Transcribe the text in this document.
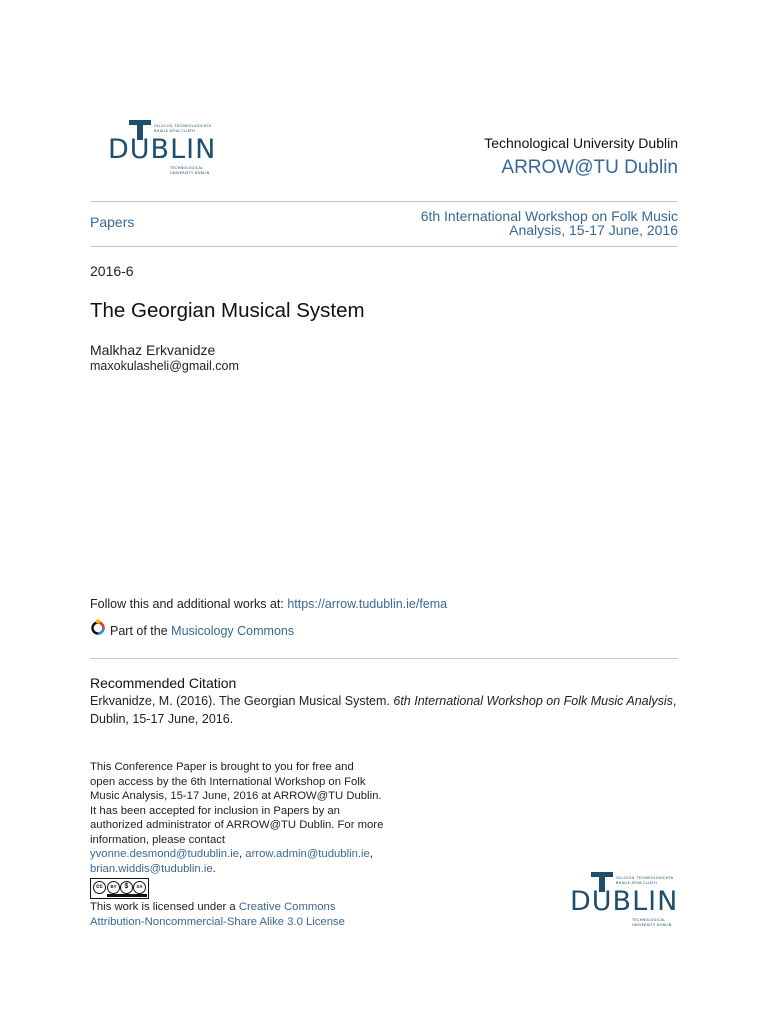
OLLSCOIL TEICNEOLAÍOCHTA
BHAILE ÁTHA CLIATH
DUBLIN
TECHNOLOGICAL
UNIVERSITY DUBLIN
Technological University Dublin
ARROW@TU Dublin
Papers	6th International Workshop on Folk Music
Analysis, 15-17 June, 2016
2016-6
The Georgian Musical System
Malkhaz Erkvanidze
maxokulasheli@gmail.com
Follow this and additional works at: https://arrow.tudublin.ie/fema
Part of the Musicology Commons
Recommended Citation
Erkvanidze, M. (2016). The Georgian Musical System. 6th International Workshop on Folk Music Analysis,
Dublin, 15-17 June, 2016.
This Conference Paper is brought to you for free and
open access by the 6th International Workshop on Folk
Music Analysis, 15-17 June, 2016 at ARROW@TU Dublin.
It has been accepted for inclusion in Papers by an
authorized administrator of ARROW@TU Dublin. For more
information, please contact
yvonne.desmond@tudublin.ie, arrow.admin@tudublin.ie,
brian.widdis@tudublin.ie.
cc	BY	$	SA
This work is licensed under a Creative Commons
Attribution-Noncommercial-Share Alike 3.0 License
OLLSCOIL TEICNEOLAÍOCHTA
BHAILE ÁTHA CLIATH
DUBLIN
TECHNOLOGICAL
UNIVERSITY DUBLIN
